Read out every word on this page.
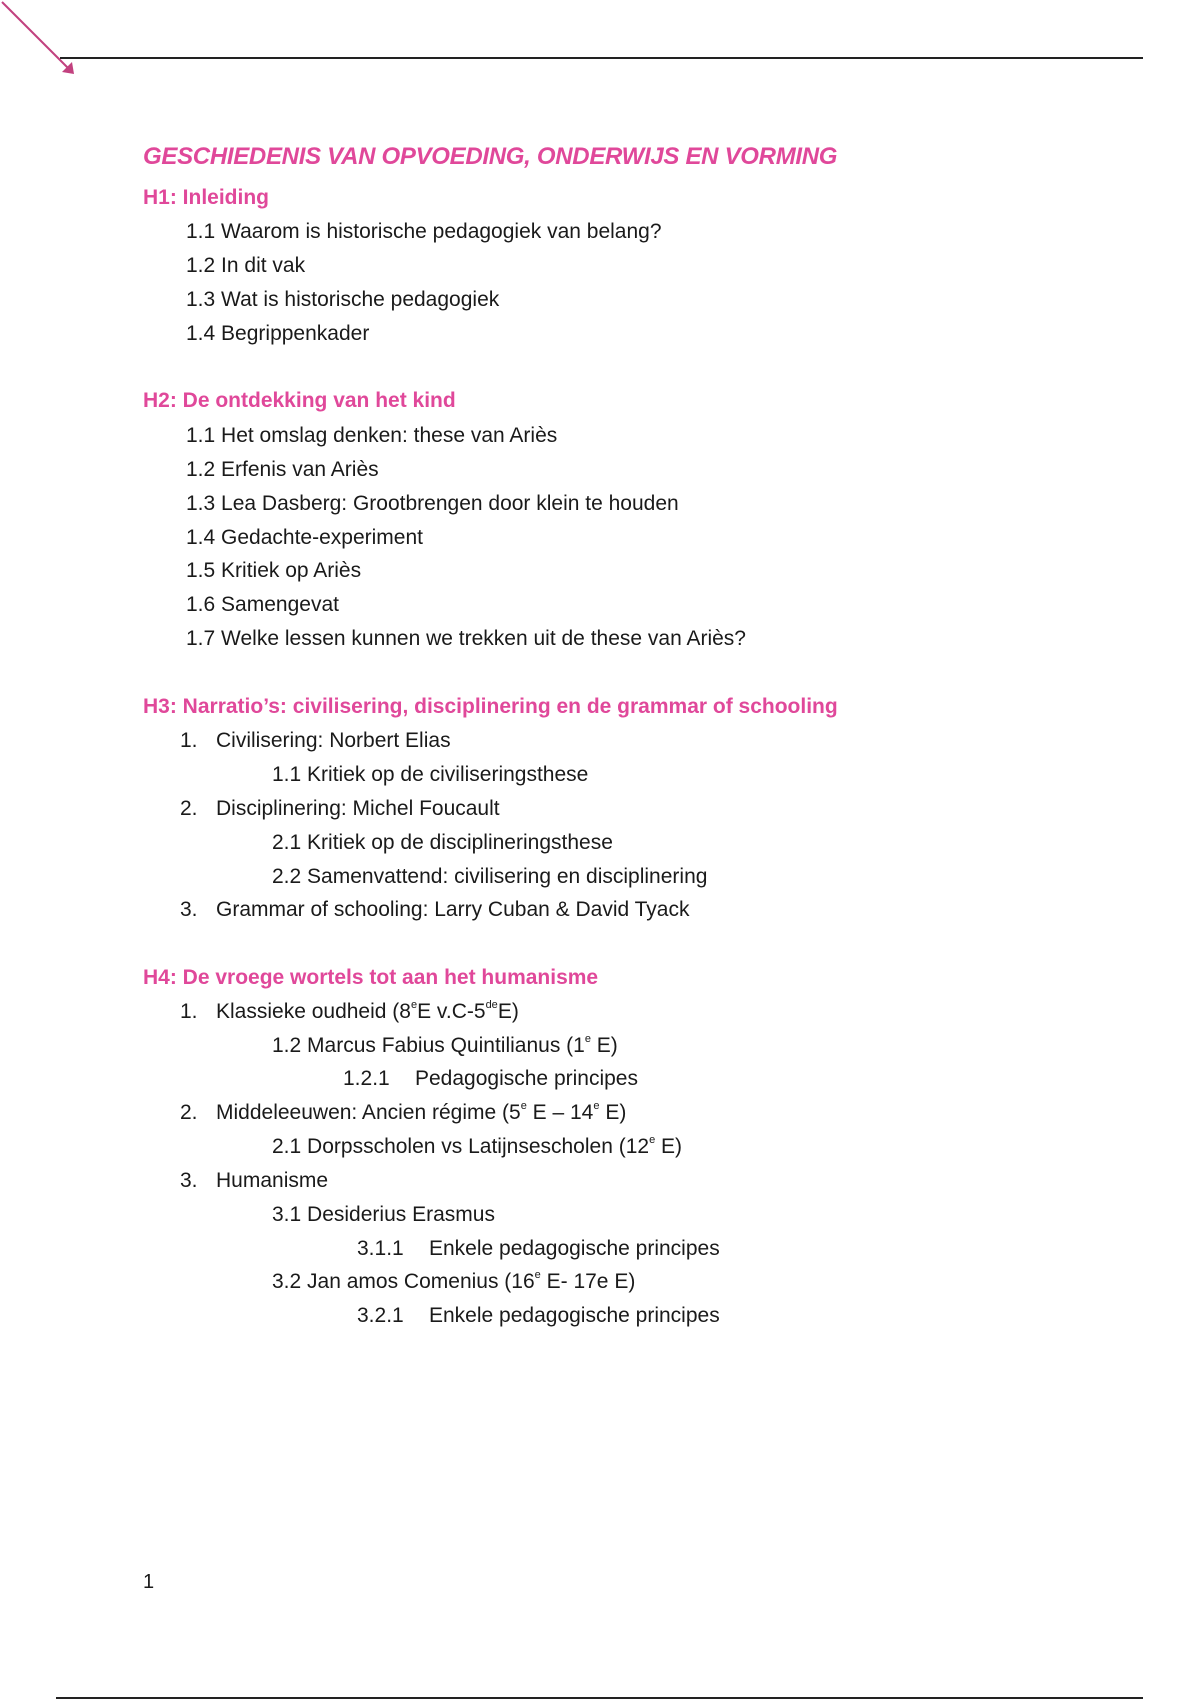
GESCHIEDENIS VAN OPVOEDING, ONDERWIJS EN VORMING
H1: Inleiding
1.1 Waarom is historische pedagogiek van belang?
1.2 In dit vak
1.3 Wat is historische pedagogiek
1.4 Begrippenkader
H2: De ontdekking van het kind
1.1 Het omslag denken: these van Ariès
1.2 Erfenis van Ariès
1.3 Lea Dasberg: Grootbrengen door klein te houden
1.4 Gedachte-experiment
1.5 Kritiek op Ariès
1.6 Samengevat
1.7 Welke lessen kunnen we trekken uit de these van Ariès?
H3: Narratio’s: civilisering, disciplinering en de grammar of schooling
1. Civilisering: Norbert Elias
1.1 Kritiek op de civiliseringsthese
2. Disciplinering: Michel Foucault
2.1 Kritiek op de disciplineringsthese
2.2 Samenvattend: civilisering en disciplinering
3. Grammar of schooling: Larry Cuban & David Tyack
H4: De vroege wortels tot aan het humanisme
1. Klassieke oudheid (8eE v.C-5deE)
1.2 Marcus Fabius Quintilianus (1e E)
1.2.1 Pedagogische principes
2. Middeleeuwen: Ancien régime (5e E – 14e E)
2.1 Dorpsscholen vs Latijnsescholen (12e E)
3. Humanisme
3.1 Desiderius Erasmus
3.1.1 Enkele pedagogische principes
3.2 Jan amos Comenius (16e E- 17e E)
3.2.1 Enkele pedagogische principes
1
